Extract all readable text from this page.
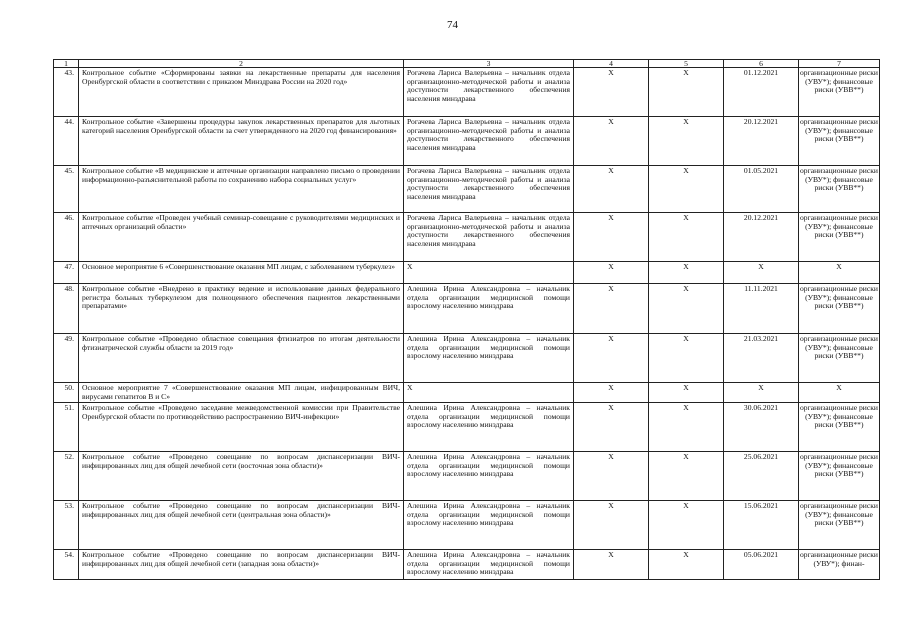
74
1	2	3	4	5	6	7
43.	Контрольное событие «Сформированы заявки на лекарственные препараты для населения Оренбургской области в соответствии с приказом Минздрава России на 2020 год»	Рогачева Лариса Валерьевна – начальник отдела организационно-методической работы и анализа доступности лекарственного обеспечения населения минздрава	X	X	01.12.2021	организационные риски (УВУ*); финансовые риски (УВВ**)
44.	Контрольное событие «Завершены процедуры закупок лекарственных препаратов для льготных категорий населения Оренбургской области за счет утвержденного на 2020 год финансирования»	Рогачева Лариса Валерьевна – начальник отдела организационно-методической работы и анализа доступности лекарственного обеспечения населения минздрава	X	X	20.12.2021	организационные риски (УВУ*); финансовые риски (УВВ**)
45.	Контрольное событие «В медицинские и аптечные организации направлено письмо о проведении информационно-разъяснительной работы по сохранению набора социальных услуг»	Рогачева Лариса Валерьевна – начальник отдела организационно-методической работы и анализа доступности лекарственного обеспечения населения минздрава	X	X	01.05.2021	организационные риски (УВУ*); финансовые риски (УВВ**)
46.	Контрольное событие «Проведен учебный семинар-совещание с руководителями медицинских и аптечных организаций области»	Рогачева Лариса Валерьевна – начальник отдела организационно-методической работы и анализа доступности лекарственного обеспечения населения минздрава	X	X	20.12.2021	организационные риски (УВУ*); финансовые риски (УВВ**)
47.	Основное мероприятие 6 «Совершенствование оказания МП лицам, с заболеванием туберкулез»	X	X	X	X	X
48.	Контрольное событие «Внедрено в практику ведение и использование данных федерального регистра больных туберкулезом для полноценного обеспечения пациентов лекарственными препаратами»	Алешина Ирина Александровна – начальник отдела организации медицинской помощи взрослому населению минздрава	X	X	11.11.2021	организационные риски (УВУ*); финансовые риски (УВВ**)
49.	Контрольное событие «Проведено областное совещания фтизиатров по итогам деятельности фтизиатрической службы области за 2019 год»	Алешина Ирина Александровна – начальник отдела организации медицинской помощи взрослому населению минздрава	X	X	21.03.2021	организационные риски (УВУ*); финансовые риски (УВВ**)
50.	Основное мероприятие 7 «Совершенствование оказания МП лицам, инфицированным ВИЧ, вирусами гепатитов В и С»	X	X	X	X	X
51.	Контрольное событие «Проведено заседание межведомственной комиссии при Правительстве Оренбургской области по противодействию распространению ВИЧ-инфекции»	Алешина Ирина Александровна – начальник отдела организации медицинской помощи взрослому населению минздрава	X	X	30.06.2021	организационные риски (УВУ*); финансовые риски (УВВ**)
52.	Контрольное событие «Проведено совещание по вопросам диспансеризации ВИЧ-инфицированных лиц для общей лечебной сети (восточная зона области)»	Алешина Ирина Александровна – начальник отдела организации медицинской помощи взрослому населению минздрава	X	X	25.06.2021	организационные риски (УВУ*); финансовые риски (УВВ**)
53.	Контрольное событие «Проведено совещание по вопросам диспансеризации ВИЧ-инфицированных лиц для общей лечебной сети (центральная зона области)»	Алешина Ирина Александровна – начальник отдела организации медицинской помощи взрослому населению минздрава	X	X	15.06.2021	организационные риски (УВУ*); финансовые риски (УВВ**)
54.	Контрольное событие «Проведено совещание по вопросам диспансеризации ВИЧ-инфицированных лиц для общей лечебной сети (западная зона области)»	Алешина Ирина Александровна – начальник отдела организации медицинской помощи взрослому населению минздрава	X	X	05.06.2021	организационные риски (УВУ*); финан-
